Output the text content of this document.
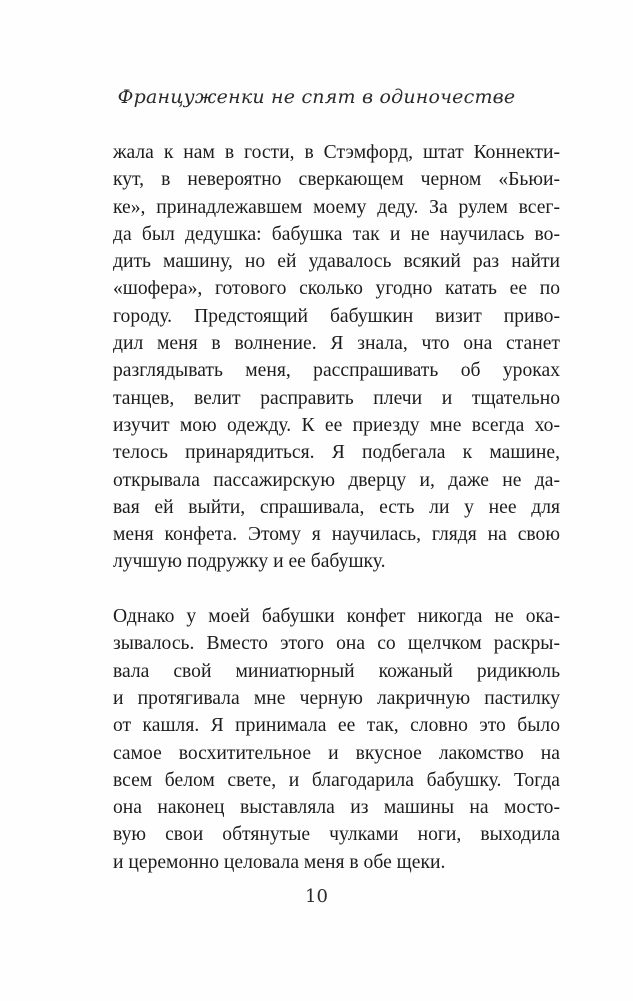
Француженки не спят в одиночестве
жала к нам в гости, в Стэмфорд, штат Коннекти-
кут, в невероятно сверкающем черном «Бьюи-
ке», принадлежавшем моему деду. За рулем всег-
да был дедушка: бабушка так и не научилась во-
дить машину, но ей удавалось всякий раз найти
«шофера», готового сколько угодно катать ее по
городу. Предстоящий бабушкин визит приво-
дил меня в волнение. Я знала, что она станет
разглядывать меня, расспрашивать об уроках
танцев, велит расправить плечи и тщательно
изучит мою одежду. К ее приезду мне всегда хо-
телось принарядиться. Я подбегала к машине,
открывала пассажирскую дверцу и, даже не да-
вая ей выйти, спрашивала, есть ли у нее для
меня конфета. Этому я научилась, глядя на свою
лучшую подружку и ее бабушку.
Однако у моей бабушки конфет никогда не ока-
зывалось. Вместо этого она со щелчком раскры-
вала свой миниатюрный кожаный ридикюль
и протягивала мне черную лакричную пастилку
от кашля. Я принимала ее так, словно это было
самое восхитительное и вкусное лакомство на
всем белом свете, и благодарила бабушку. Тогда
она наконец выставляла из машины на мосто-
вую свои обтянутые чулками ноги, выходила
и церемонно целовала меня в обе щеки.
10
